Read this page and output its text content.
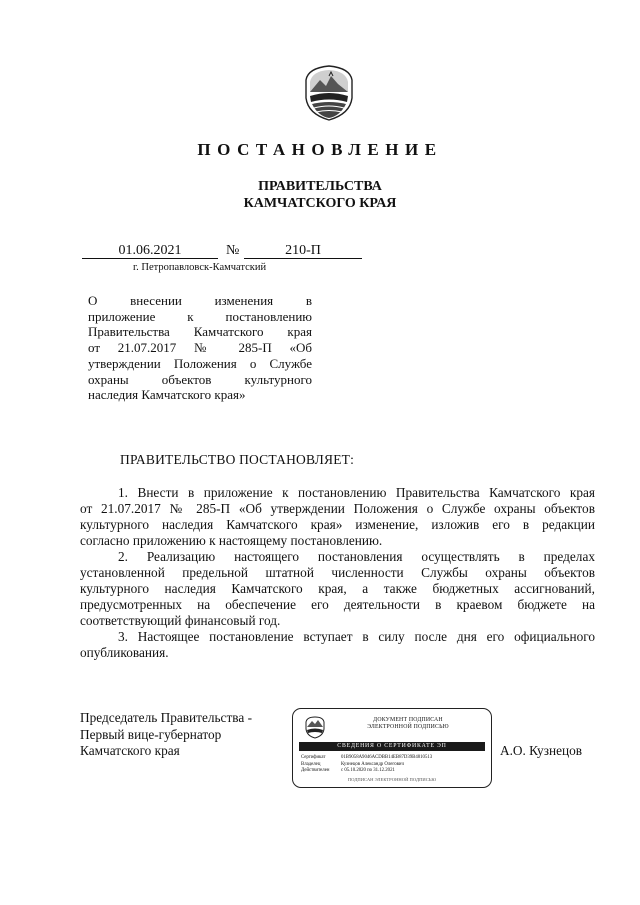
ПОСТАНОВЛЕНИЕ
ПРАВИТЕЛЬСТВА
КАМЧАТСКОГО КРАЯ
01.06.2021	№	210-П
г. Петропавловск-Камчатский
О внесении изменения в
приложение к постановлению
Правительства Камчатского края
от 21.07.2017 № 285-П «Об
утверждении Положения о Службе
охраны объектов культурного
наследия Камчатского края»
ПРАВИТЕЛЬСТВО ПОСТАНОВЛЯЕТ:
1. Внести в приложение к постановлению Правительства Камчатского края
от 21.07.2017 № 285-П «Об утверждении Положения о Службе охраны объектов
культурного наследия Камчатского края» изменение, изложив его в редакции
согласно приложению к настоящему постановлению.
2. Реализацию настоящего постановления осуществлять в пределах
установленной предельной штатной численности Службы охраны объектов
культурного наследия Камчатского края, а также бюджетных ассигнований,
предусмотренных на обеспечение его деятельности в краевом бюджете на
соответствующий финансовый год.
3. Настоящее постановление вступает в силу после дня его официального
опубликования.
Председатель Правительства -
Первый вице-губернатор
Камчатского края
ДОКУМЕНТ ПОДПИСАН
ЭЛЕКТРОННОЙ ПОДПИСЬЮ
СВЕДЕНИЯ О СЕРТИФИКАТЕ ЭП
Сертификат	01B9058A9046ACDBB14EB87D39B4810513
Владелец	Кузнецов Александр Олегович
Действителен	с 05.10.2020 по 31.12.2021
ПОДПИСАН ЭЛЕКТРОННОЙ ПОДПИСЬЮ
А.О. Кузнецов
